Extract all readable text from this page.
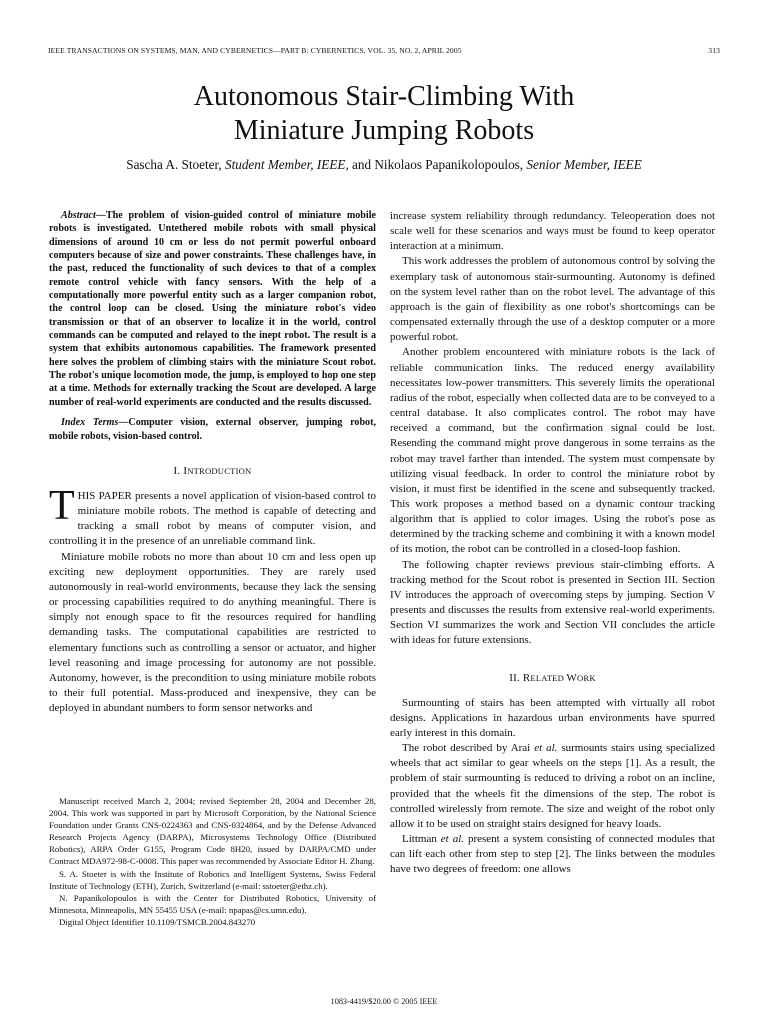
IEEE TRANSACTIONS ON SYSTEMS, MAN, AND CYBERNETICS—PART B: CYBERNETICS, VOL. 35, NO. 2, APRIL 2005	313
Autonomous Stair-Climbing With
Miniature Jumping Robots
Sascha A. Stoeter, Student Member, IEEE, and Nikolaos Papanikolopoulos, Senior Member, IEEE
Abstract—The problem of vision-guided control of miniature mobile robots is investigated. Untethered mobile robots with small physical dimensions of around 10 cm or less do not permit powerful onboard computers because of size and power constraints. These challenges have, in the past, reduced the functionality of such devices to that of a complex remote control vehicle with fancy sensors. With the help of a computationally more powerful entity such as a larger companion robot, the control loop can be closed. Using the miniature robot's video transmission or that of an observer to localize it in the world, control commands can be computed and relayed to the inept robot. The result is a system that exhibits autonomous capabilities. The framework presented here solves the problem of climbing stairs with the miniature Scout robot. The robot's unique locomotion mode, the jump, is employed to hop one step at a time. Methods for externally tracking the Scout are developed. A large number of real-world experiments are conducted and the results discussed.
Index Terms—Computer vision, external observer, jumping robot, mobile robots, vision-based control.
I. INTRODUCTION

THIS PAPER presents a novel application of vision-based control to miniature mobile robots. The method is capable of detecting and tracking a small robot by means of computer vision, and controlling it in the presence of an unreliable command link.

Miniature mobile robots no more than about 10 cm and less open up exciting new deployment opportunities. They are rarely used autonomously in real-world environments, because they lack the sensing or processing capabilities required to do anything meaningful. There is simply not enough space to fit the resources required for handling demanding tasks. The computational capabilities are restricted to elementary functions such as controlling a sensor or actuator, and higher level reasoning and image processing for autonomy are not possible. Autonomy, however, is the precondition to using miniature mobile robots to their full potential. Mass-produced and inexpensive, they can be deployed in abundant numbers to form sensor networks and

Manuscript received March 2, 2004; revised September 28, 2004 and December 28, 2004. This work was supported in part by Microsoft Corporation, by the National Science Foundation under Grants CNS-0224363 and CNS-0324864, and by the Defense Advanced Research Projects Agency (DARPA), Microsystems Technology Office (Distributed Robotics), ARPA Order G155, Program Code 8H20, issued by DARPA/CMD under Contract MDA972-98-C-0008. This paper was recommended by Associate Editor H. Zhang.

S. A. Stoeter is with the Institute of Robotics and Intelligent Systems, Swiss Federal Institute of Technology (ETH), Zurich, Switzerland (e-mail: sstoeter@ethz.ch).

N. Papanikolopoulos is with the Center for Distributed Robotics, University of Minnesota, Minneapolis, MN 55455 USA (e-mail: npapas@cs.umn.edu).

Digital Object Identifier 10.1109/TSMCB.2004.843270

increase system reliability through redundancy. Teleoperation does not scale well for these scenarios and ways must be found to keep operator interaction at a minimum.

This work addresses the problem of autonomous control by solving the exemplary task of autonomous stair-surmounting. Autonomy is defined on the system level rather than on the robot level. The advantage of this approach is the gain of flexibility as one robot's shortcomings can be compensated externally through the use of a desktop computer or a more powerful robot.

Another problem encountered with miniature robots is the lack of reliable communication links. The reduced energy availability necessitates low-power transmitters. This severely limits the operational radius of the robot, especially when collected data are to be conveyed to a central database. It also complicates control. The robot may have received a command, but the confirmation signal could be lost. Resending the command might prove dangerous in some terrains as the robot may travel farther than intended. The system must compensate by utilizing visual feedback. In order to control the miniature robot by vision, it must first be identified in the scene and subsequently tracked. This work proposes a method based on a dynamic contour tracking algorithm that is applied to color images. Using the robot's pose as determined by the tracking scheme and combining it with a known model of its motion, the robot can be controlled in a closed-loop fashion.

The following chapter reviews previous stair-climbing efforts. A tracking method for the Scout robot is presented in Section III. Section IV introduces the approach of overcoming steps by jumping. Section V presents and discusses the results from extensive real-world experiments. Section VI summarizes the work and Section VII concludes the article with ideas for future extensions.

II. RELATED WORK

Surmounting of stairs has been attempted with virtually all robot designs. Applications in hazardous urban environments have spurred early interest in this domain.

The robot described by Arai et al. surmounts stairs using specialized wheels that act similar to gear wheels on the steps [1]. As a result, the problem of stair surmounting is reduced to driving a robot on an incline, provided that the wheels fit the dimensions of the step. The robot is controlled wirelessly from remote. The size and weight of the robot only allow it to be used on straight stairs designed for heavy loads.

Littman et al. present a system consisting of connected modules that can lift each other from step to step [2]. The links between the modules have two degrees of freedom: one allows

1083-4419/$20.00 © 2005 IEEE
